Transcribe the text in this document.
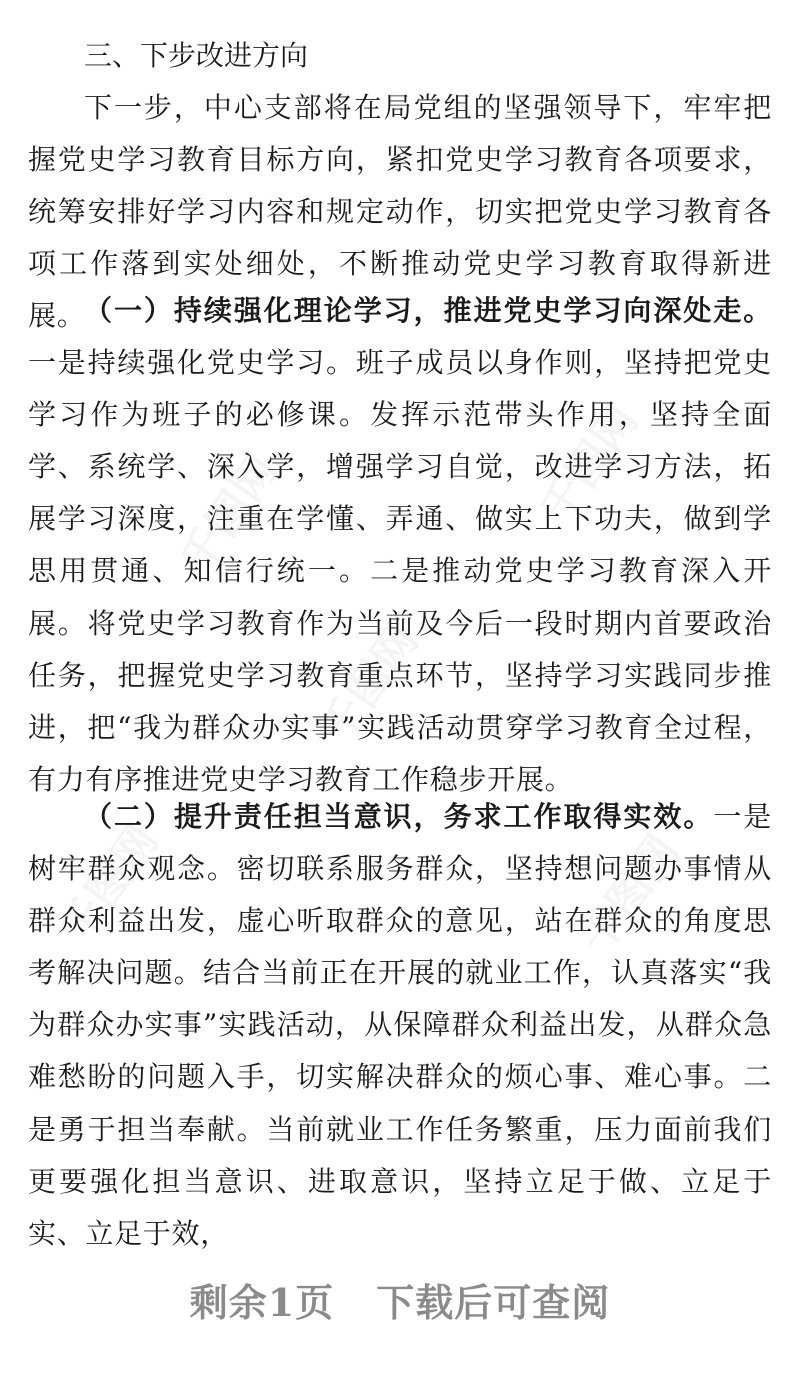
三、下步改进方向

下一步，中心支部将在局党组的坚强领导下，牢牢把握党史学习教育目标方向，紧扣党史学习教育各项要求，统筹安排好学习内容和规定动作，切实把党史学习教育各项工作落到实处细处，不断推动党史学习教育取得新进展。

（一）持续强化理论学习，推进党史学习向深处走。一是持续强化党史学习。班子成员以身作则，坚持把党史学习作为班子的必修课。发挥示范带头作用，坚持全面学、系统学、深入学，增强学习自觉，改进学习方法，拓展学习深度，注重在学懂、弄通、做实上下功夫，做到学思用贯通、知信行统一。二是推动党史学习教育深入开展。将党史学习教育作为当前及今后一段时期内首要政治任务，把握党史学习教育重点环节，坚持学习实践同步推进，把“我为群众办实事”实践活动贯穿学习教育全过程，有力有序推进党史学习教育工作稳步开展。

（二）提升责任担当意识，务求工作取得实效。一是树牢群众观念。密切联系服务群众，坚持想问题办事情从群众利益出发，虚心听取群众的意见，站在群众的角度思考解决问题。结合当前正在开展的就业工作，认真落实“我为群众办实事”实践活动，从保障群众利益出发，从群众急难愁盼的问题入手，切实解决群众的烦心事、难心事。二是勇于担当奉献。当前就业工作任务繁重，压力面前我们更要强化担当意识、进取意识，坚持立足于做、立足于实、立足于效，

剩余1页 下载后可查阅
